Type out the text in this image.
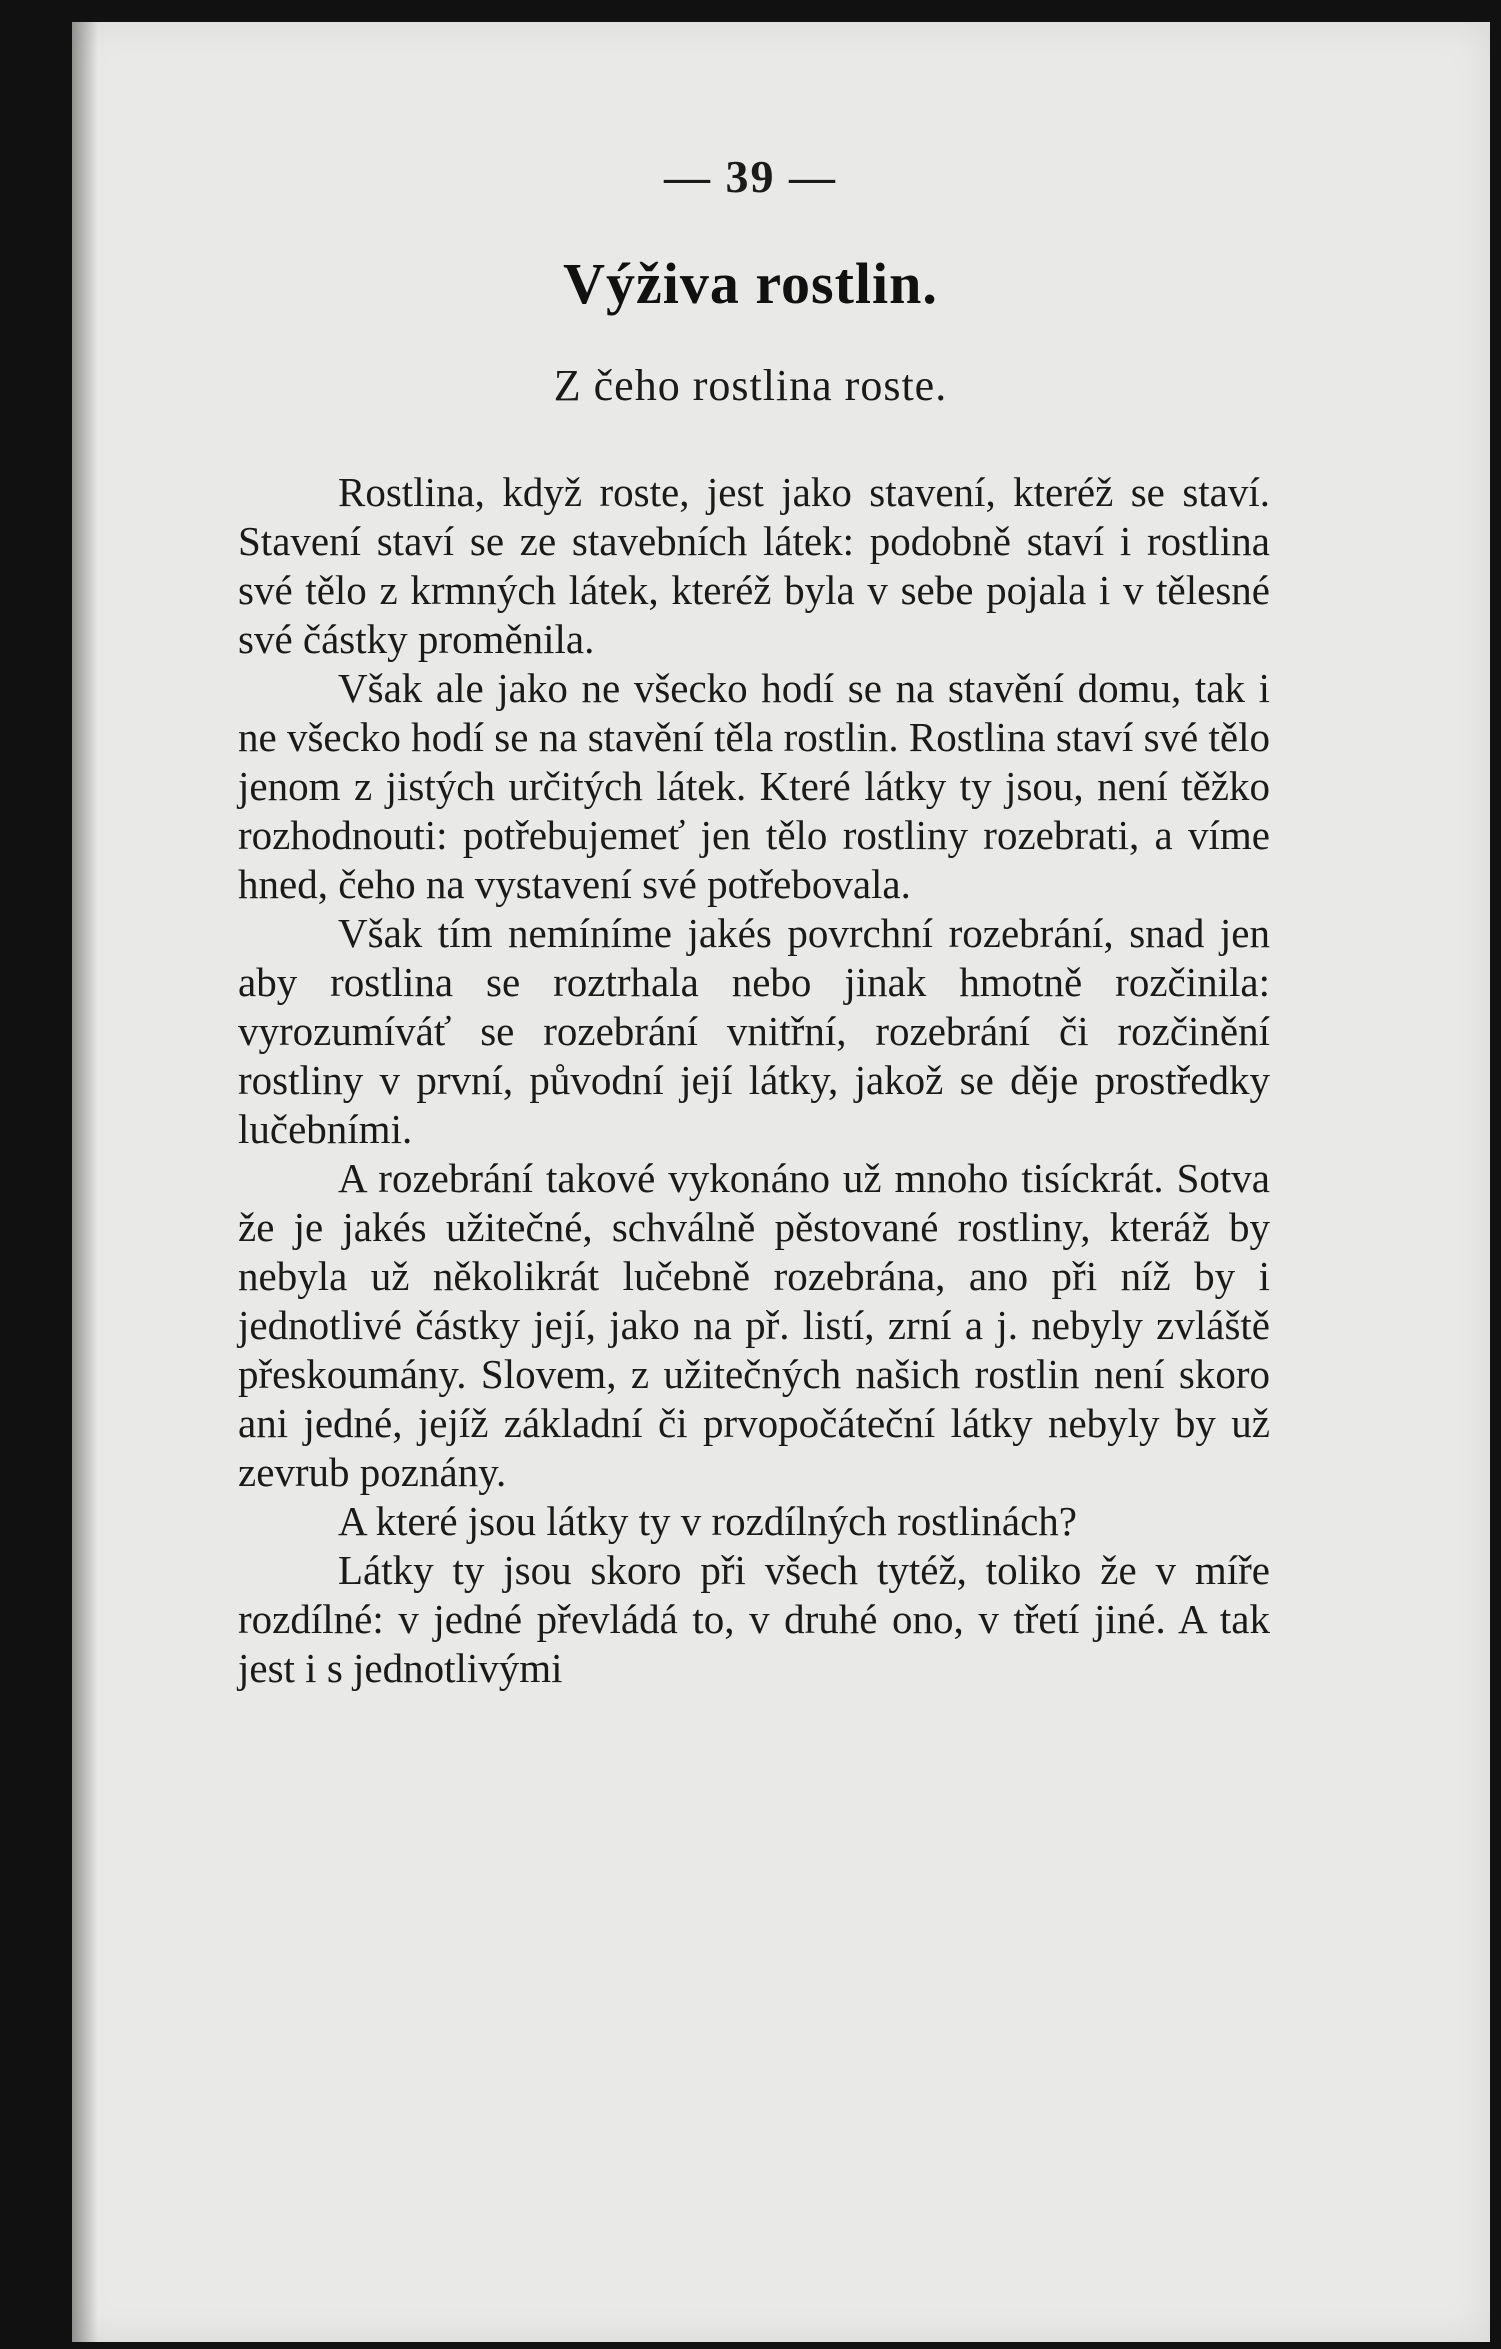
— 39 —
Výživa rostlin.
Z čeho rostlina roste.

Rostlina, když roste, jest jako stavení, kteréž se staví. Stavení staví se ze stavebních látek: podobně staví i rostlina své tělo z krmných látek, kteréž byla v sebe pojala i v tělesné své částky proměnila.

Však ale jako ne všecko hodí se na stavění domu, tak i ne všecko hodí se na stavění těla rostlin. Rostlina staví své tělo jenom z jistých určitých látek. Které látky ty jsou, není těžko rozhodnouti: potřebujemeť jen tělo rostliny rozebrati, a víme hned, čeho na vystavení své potřebovala.

Však tím nemíníme jakés povrchní rozebrání, snad jen aby rostlina se roztrhala nebo jinak hmotně rozčinila: vyrozumíváť se rozebrání vnitřní, rozebrání či rozčinění rostliny v první, původní její látky, jakož se děje prostředky lučebními.

A rozebrání takové vykonáno už mnoho tisíckrát. Sotva že je jakés užitečné, schválně pěstované rostliny, kteráž by nebyla už několikrát lučebně rozebrána, ano při níž by i jednotlivé částky její, jako na př. listí, zrní a j. nebyly zvláště přeskoumány. Slovem, z užitečných našich rostlin není skoro ani jedné, jejíž základní či prvopočáteční látky nebyly by už zevrub poznány.

A které jsou látky ty v rozdílných rostlinách?

Látky ty jsou skoro při všech tytéž, toliko že v míře rozdílné: v jedné převládá to, v druhé ono, v třetí jiné. A tak jest i s jednotlivými
